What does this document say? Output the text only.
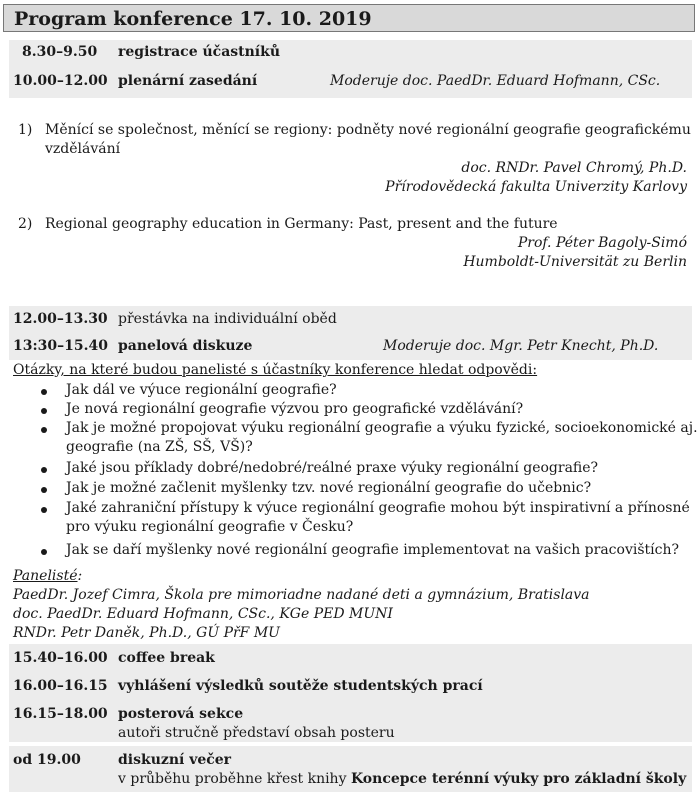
Program konference 17. 10. 2019
8.30–9.50 registrace účastníků
10.00–12.00 plenární zasedání	Moderuje doc. PaedDr. Eduard Hofmann, CSc.
1) Měnící se společnost, měnící se regiony: podněty nové regionální geografie geografickému
vzdělávání
doc. RNDr. Pavel Chromý, Ph.D.
Přírodovědecká fakulta Univerzity Karlovy
2) Regional geography education in Germany: Past, present and the future
Prof. Péter Bagoly-Simó
Humboldt-Universität zu Berlin
12.00–13.30 přestávka na individuální oběd
13:30–15.40 panelová diskuze	Moderuje doc. Mgr. Petr Knecht, Ph.D.
Otázky, na které budou panelisté s účastníky konference hledat odpovědi:
Jak dál ve výuce regionální geografie?
Je nová regionální geografie výzvou pro geografické vzdělávání?
Jak je možné propojovat výuku regionální geografie a výuku fyzické, socioekonomické aj.
geografie (na ZŠ, SŠ, VŠ)?
Jaké jsou příklady dobré/nedobré/reálné praxe výuky regionální geografie?
Jak je možné začlenit myšlenky tzv. nové regionální geografie do učebnic?
Jaké zahraniční přístupy k výuce regionální geografie mohou být inspirativní a přínosné
pro výuku regionální geografie v Česku?
Jak se daří myšlenky nové regionální geografie implementovat na vašich pracovištích?
Panelisté:
PaedDr. Jozef Cimra, Škola pre mimoriadne nadané deti a gymnázium, Bratislava
doc. PaedDr. Eduard Hofmann, CSc., KGe PED MUNI
RNDr. Petr Daněk, Ph.D., GÚ PřF MU
15.40–16.00 coffee break
16.00–16.15 vyhlášení výsledků soutěže studentských prací
16.15–18.00 posterová sekce
autoři stručně představí obsah posteru
od 19.00	diskuzní večer
v průběhu proběhne křest knihy Koncepce terénní výuky pro základní školy
